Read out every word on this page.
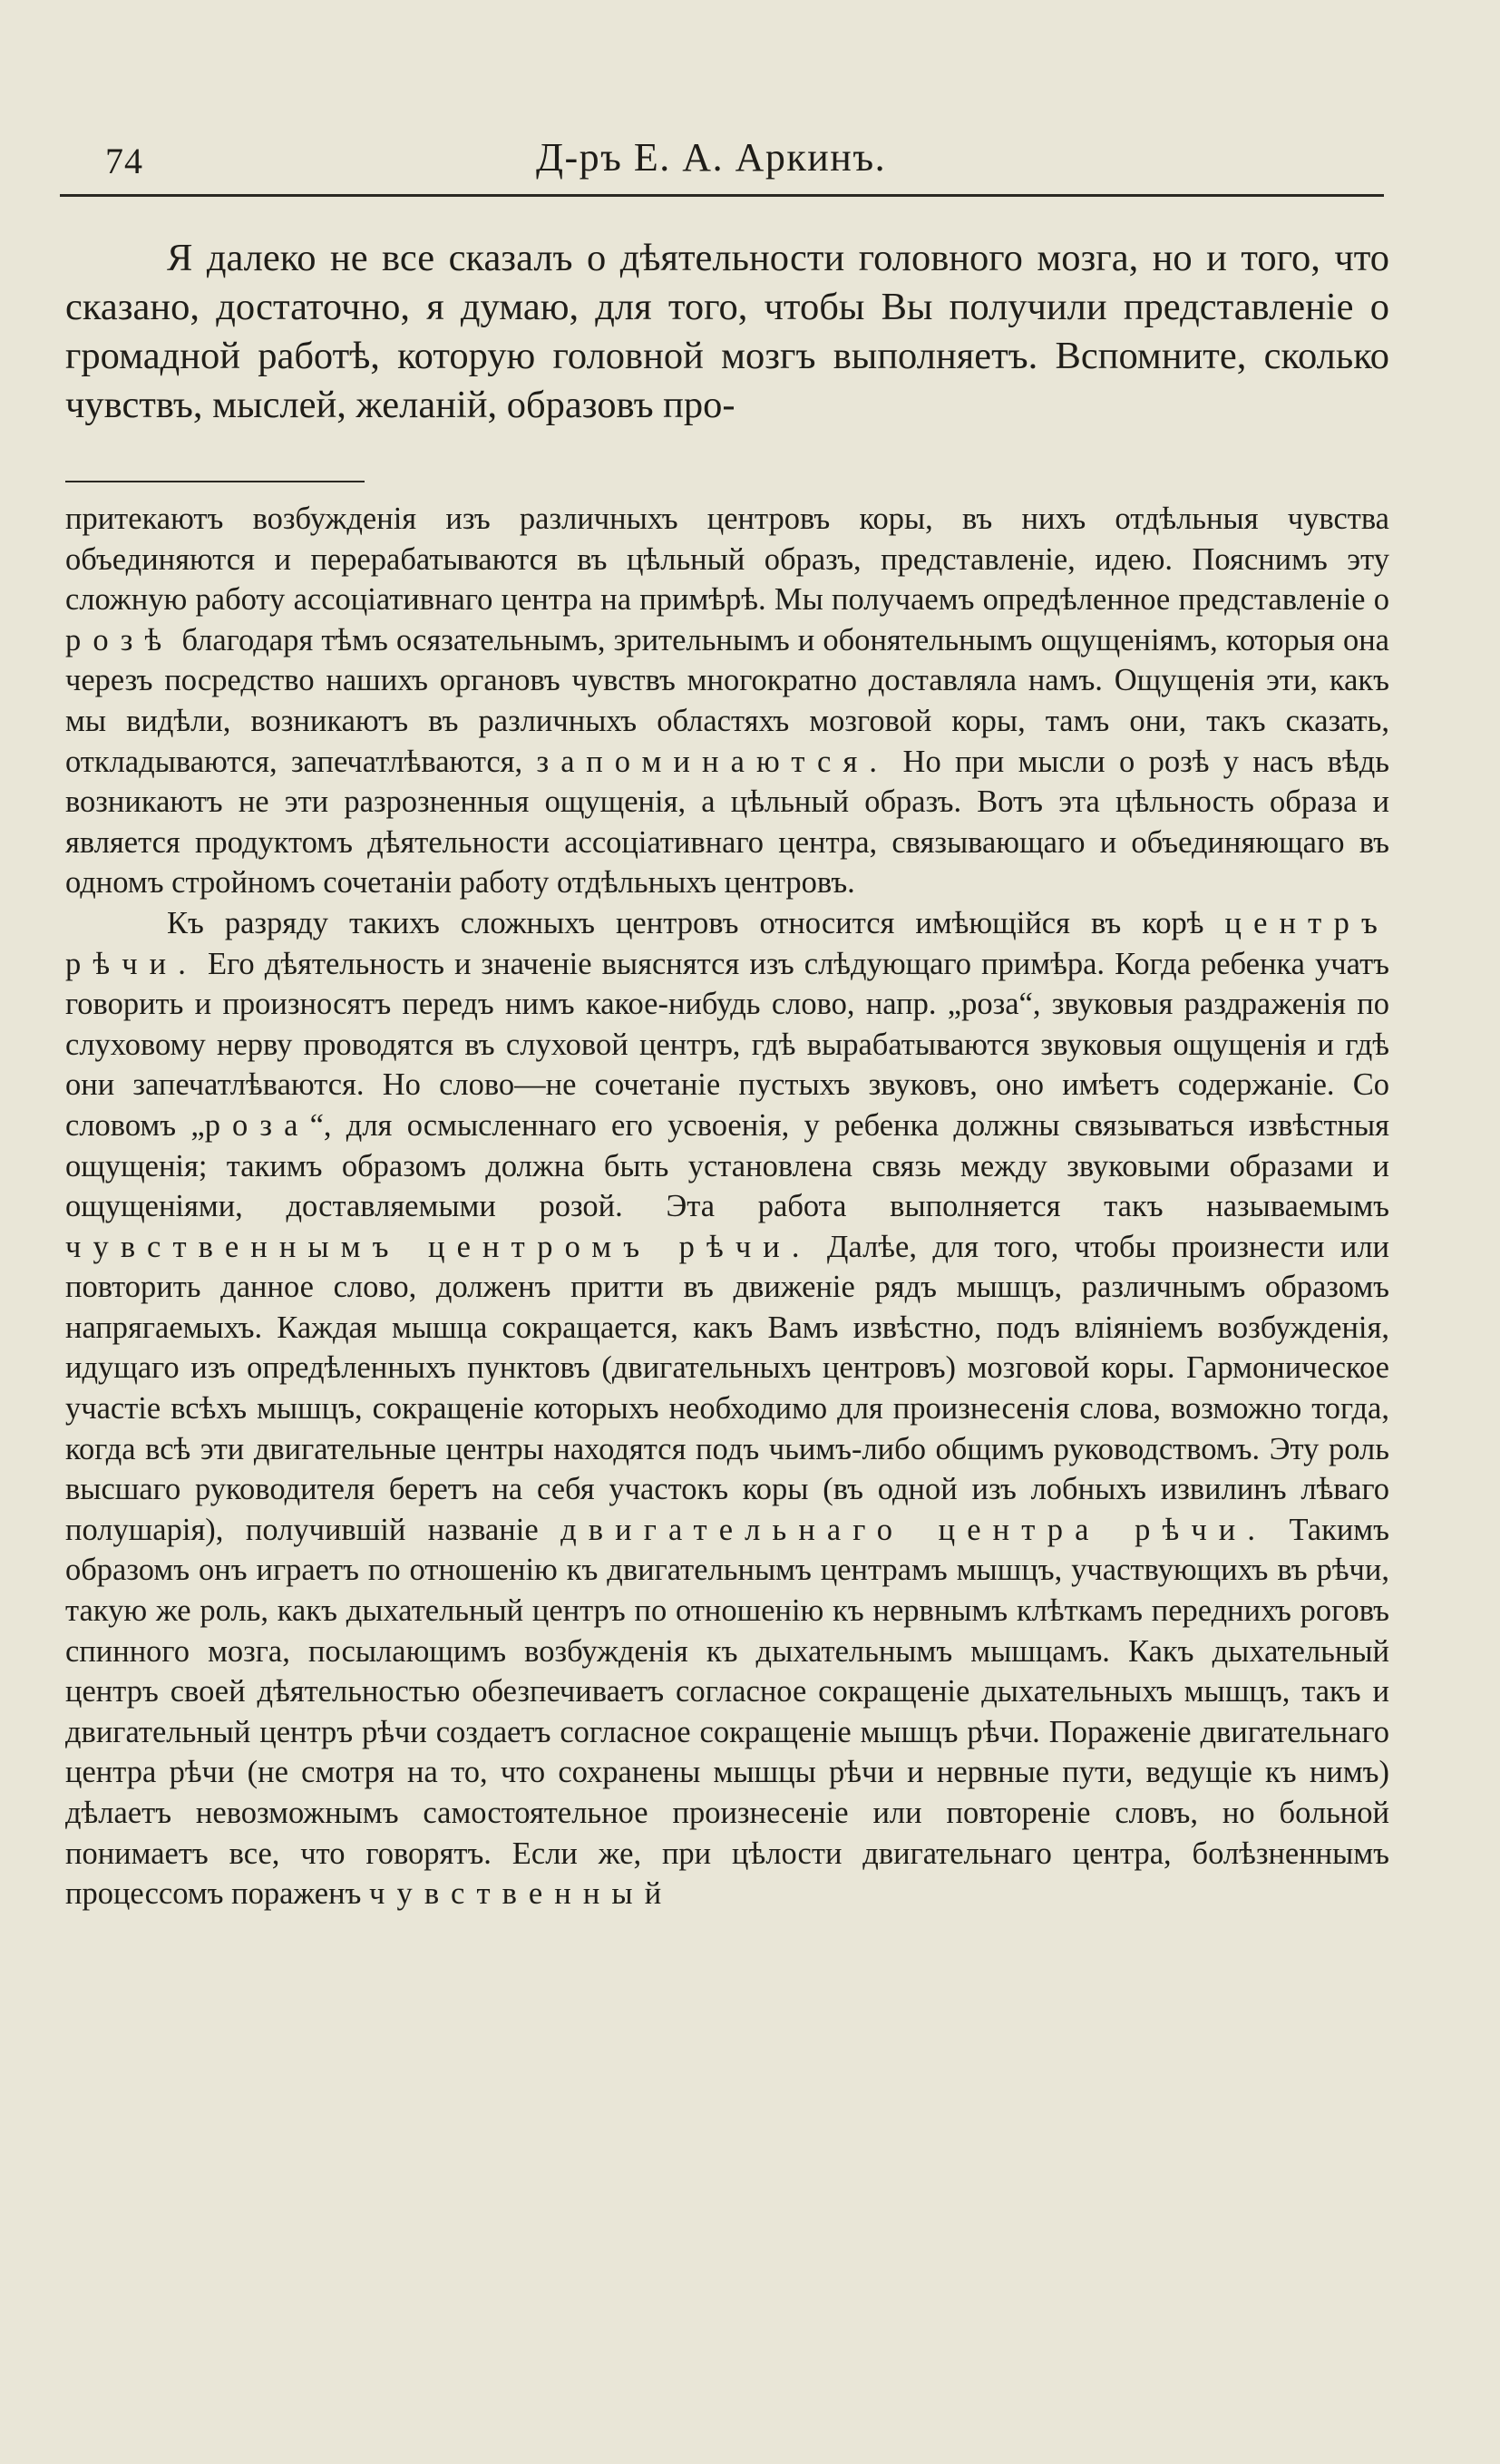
74	Д-ръ Е. А. Аркинъ.
Я далеко не все сказалъ о дѣятельности головного мозга, но и того, что сказано, достаточно, я думаю, для того, чтобы Вы получили представленіе о громадной работѣ, которую головной мозгъ выполняетъ. Вспомните, сколько чувствъ, мыслей, желаній, образовъ про-

притекаютъ возбужденія изъ различныхъ центровъ коры, въ нихъ отдѣльныя чувства объединяются и перерабатываются въ цѣльный образъ, представленіе, идею. Пояснимъ эту сложную работу ассоціативнаго центра на примѣрѣ. Мы получаемъ опредѣленное представленіе о розѣ благодаря тѣмъ осязательнымъ, зрительнымъ и обонятельнымъ ощущеніямъ, которыя она черезъ посредство нашихъ органовъ чувствъ многократно доставляла намъ. Ощущенія эти, какъ мы видѣли, возникаютъ въ различныхъ областяхъ мозговой коры, тамъ они, такъ сказать, откладываются, запечатлѣваются, запоминаются. Но при мысли о розѣ у насъ вѣдь возникаютъ не эти разрозненныя ощущенія, а цѣльный образъ. Вотъ эта цѣльность образа и является продуктомъ дѣятельности ассоціативнаго центра, связывающаго и объединяющаго въ одномъ стройномъ сочетаніи работу отдѣльныхъ центровъ.

Къ разряду такихъ сложныхъ центровъ относится имѣющійся въ корѣ центръ рѣчи. Его дѣятельность и значеніе выяснятся изъ слѣдующаго примѣра. Когда ребенка учатъ говорить и произносятъ передъ нимъ какое-нибудь слово, напр. „роза“, звуковыя раздраженія по слуховому нерву проводятся въ слуховой центръ, гдѣ вырабатываются звуковыя ощущенія и гдѣ они запечатлѣваются. Но слово—не сочетаніе пустыхъ звуковъ, оно имѣетъ содержаніе. Со словомъ „роза“, для осмысленнаго его усвоенія, у ребенка должны связываться извѣстныя ощущенія; такимъ образомъ должна быть установлена связь между звуковыми образами и ощущеніями, доставляемыми розой. Эта работа выполняется такъ называемымъ чувственнымъ центромъ рѣчи. Далѣе, для того, чтобы произнести или повторить данное слово, долженъ притти въ движеніе рядъ мышцъ, различнымъ образомъ напрягаемыхъ. Каждая мышца сокращается, какъ Вамъ извѣстно, подъ вліяніемъ возбужденія, идущаго изъ опредѣленныхъ пунктовъ (двигательныхъ центровъ) мозговой коры. Гармоническое участіе всѣхъ мышцъ, сокращеніе которыхъ необходимо для произнесенія слова, возможно тогда, когда всѣ эти двигательные центры находятся подъ чьимъ-либо общимъ руководствомъ. Эту роль высшаго руководителя беретъ на себя участокъ коры (въ одной изъ лобныхъ извилинъ лѣваго полушарія), получившій названіе двигательнаго центра рѣчи. Такимъ образомъ онъ играетъ по отношенію къ двигательнымъ центрамъ мышцъ, участвующихъ въ рѣчи, такую же роль, какъ дыхательный центръ по отношенію къ нервнымъ клѣткамъ переднихъ роговъ спинного мозга, посылающимъ возбужденія къ дыхательнымъ мышцамъ. Какъ дыхательный центръ своей дѣятельностью обезпечиваетъ согласное сокращеніе дыхательныхъ мышцъ, такъ и двигательный центръ рѣчи создаетъ согласное сокращеніе мышцъ рѣчи. Пораженіе двигательнаго центра рѣчи (не смотря на то, что сохранены мышцы рѣчи и нервные пути, ведущіе къ нимъ) дѣлаетъ невозможнымъ самостоятельное произнесеніе или повтореніе словъ, но больной понимаетъ все, что говорятъ. Если же, при цѣлости двигательнаго центра, болѣзненнымъ процессомъ пораженъ чувственный
